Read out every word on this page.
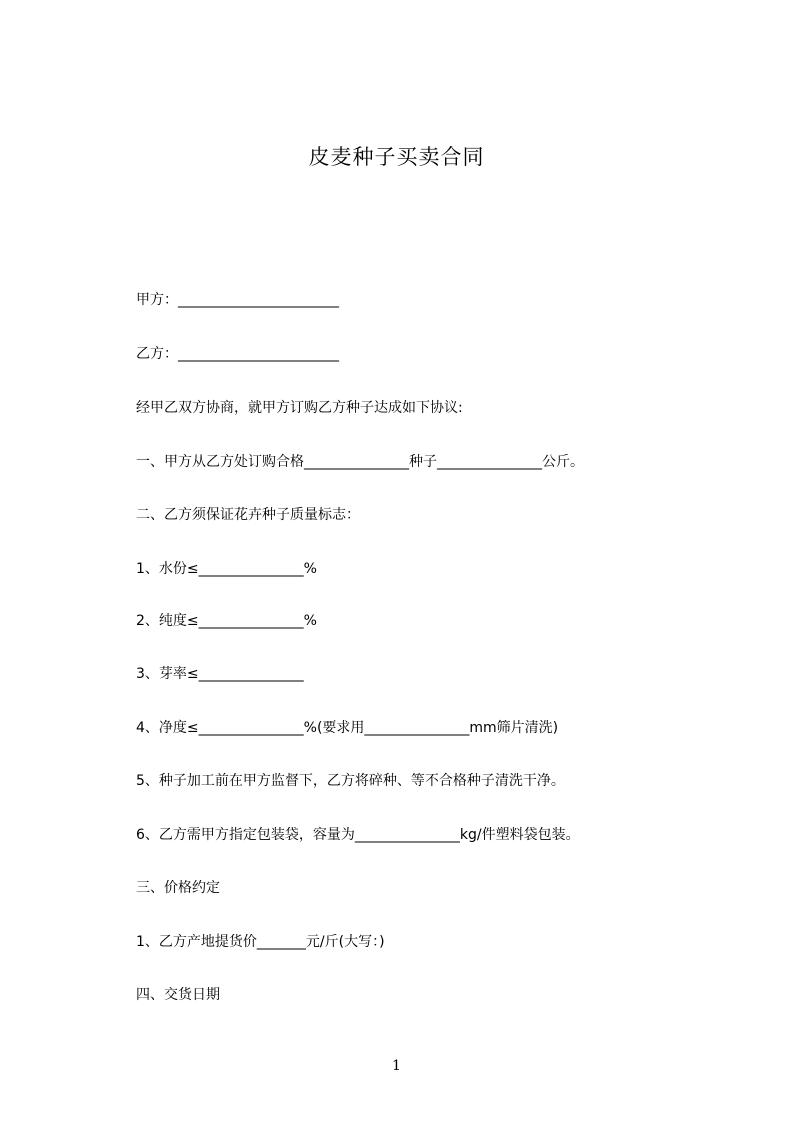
皮麦种子买卖合同
甲方：_______________________
乙方：_______________________
经甲乙双方协商，就甲方订购乙方种子达成如下协议:
一、甲方从乙方处订购合格_______________种子_______________公斤。
二、乙方须保证花卉种子质量标志：
1、水份≤_______________%
2、纯度≤_______________%
3、芽率≤_______________
4、净度≤_______________%(要求用_______________mm筛片清洗)
5、种子加工前在甲方监督下，乙方将碎种、等不合格种子清洗干净。
6、乙方需甲方指定包装袋，容量为_______________kg/件塑料袋包装。
三、价格约定
1、乙方产地提货价_______元/斤(大写：)
四、交货日期
1
